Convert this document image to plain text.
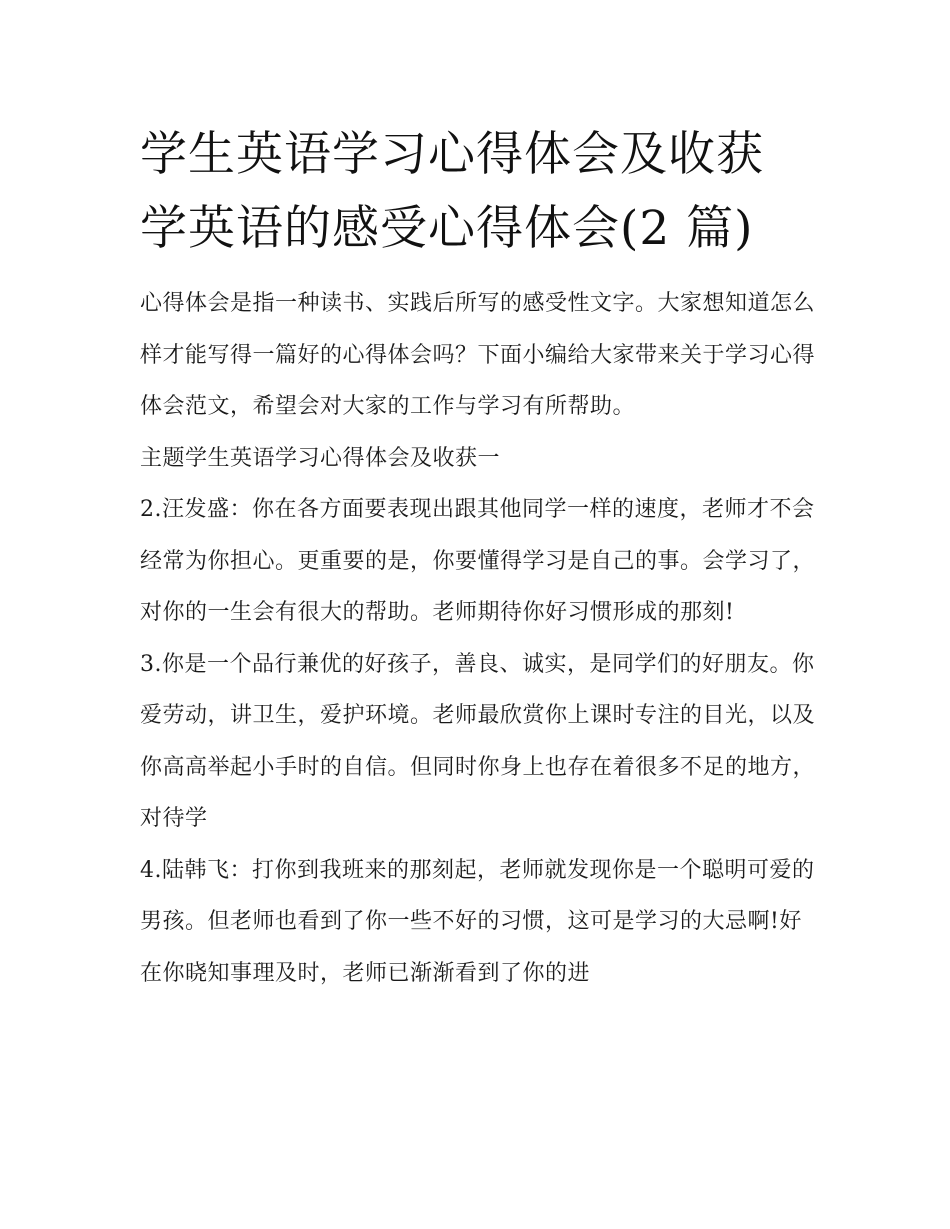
学生英语学习心得体会及收获
学英语的感受心得体会(2 篇)

心得体会是指一种读书、实践后所写的感受性文字。大家想知道怎么样才能写得一篇好的心得体会吗？下面小编给大家带来关于学习心得体会范文，希望会对大家的工作与学习有所帮助。

主题学生英语学习心得体会及收获一

2.汪发盛：你在各方面要表现出跟其他同学一样的速度，老师才不会经常为你担心。更重要的是，你要懂得学习是自己的事。会学习了，对你的一生会有很大的帮助。老师期待你好习惯形成的那刻!

3.你是一个品行兼优的好孩子，善良、诚实，是同学们的好朋友。你爱劳动，讲卫生，爱护环境。老师最欣赏你上课时专注的目光，以及你高高举起小手时的自信。但同时你身上也存在着很多不足的地方，对待学

4.陆韩飞：打你到我班来的那刻起，老师就发现你是一个聪明可爱的男孩。但老师也看到了你一些不好的习惯，这可是学习的大忌啊!好在你晓知事理及时，老师已渐渐看到了你的进
